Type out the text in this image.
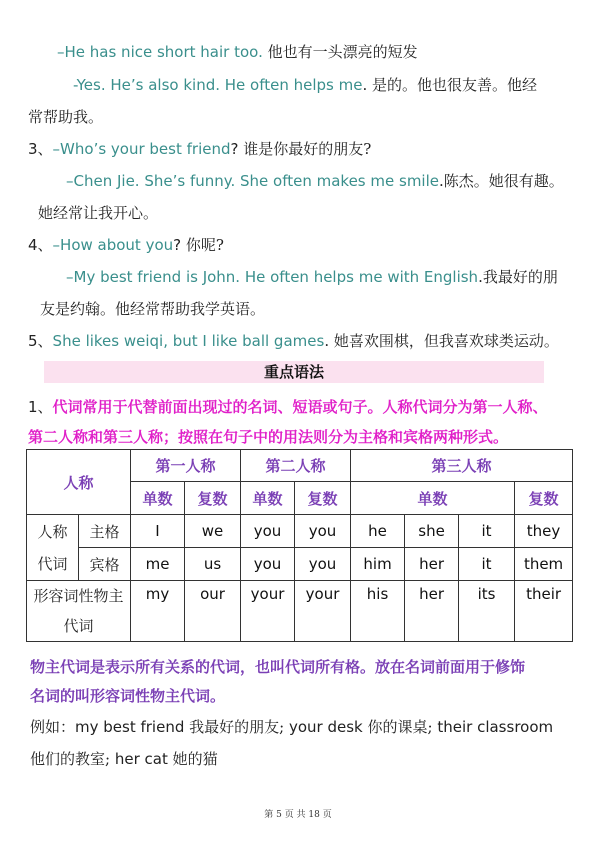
–He has nice short hair too. 他也有一头漂亮的短发
-Yes. He’s also kind. He often helps me. 是的。他也很友善。他经
常帮助我。
3、–Who’s your best friend? 谁是你最好的朋友?
–Chen Jie. She’s funny. She often makes me smile.陈杰。她很有趣。
她经常让我开心。
4、–How about you? 你呢?
–My best friend is John. He often helps me with English.我最好的朋
友是约翰。他经常帮助我学英语。
5、She likes weiqi, but I like ball games. 她喜欢围棋，但我喜欢球类运动。
重点语法
1、代词常用于代替前面出现过的名词、短语或句子。人称代词分为第一人称、
第二人称和第三人称；按照在句子中的用法则分为主格和宾格两种形式。
人称		第一人称		第二人称		第三人称			
		单数	复数	单数	复数	单数			复数

人称
代词	主格	I	we	you	you	he	she	it	they
	宾格	me	us	you	you	him	her	it	them

形容词性物主
代词		my	our	your	your	his	her	its	their
物主代词是表示所有关系的代词，也叫代词所有格。放在名词前面用于修饰
名词的叫形容词性物主代词。
例如：my best friend 我最好的朋友; your desk 你的课桌; their classroom
他们的教室; her cat 她的猫
第 5 页 共 18 页
